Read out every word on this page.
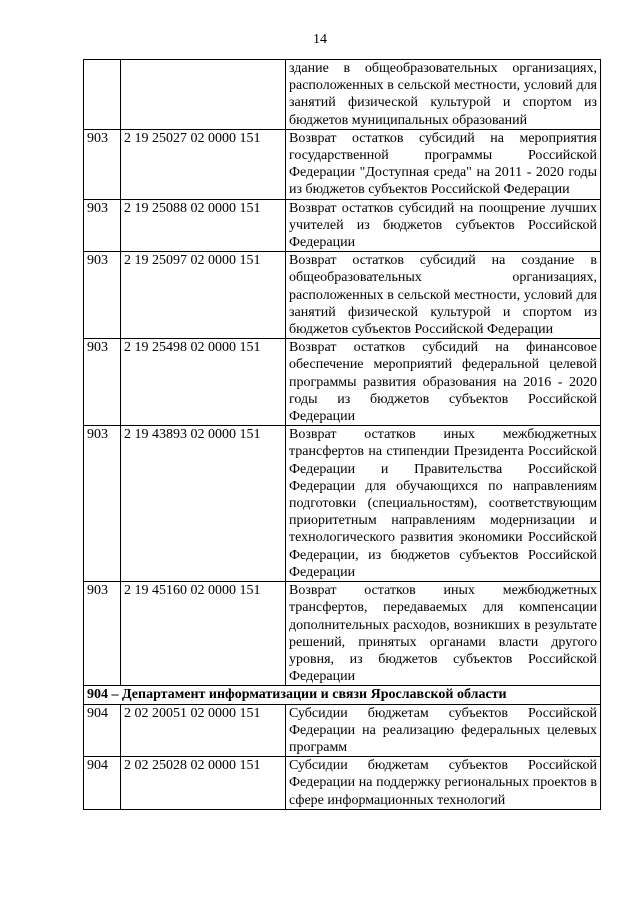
14
		здание в общеобразовательных организациях, расположенных в сельской местности, условий для занятий физической культурой и спортом из бюджетов муниципальных образований
903	2 19 25027 02 0000 151	Возврат остатков субсидий на мероприятия государственной программы Российской Федерации "Доступная среда" на 2011 - 2020 годы из бюджетов субъектов Российской Федерации
903	2 19 25088 02 0000 151	Возврат остатков субсидий на поощрение лучших учителей из бюджетов субъектов Российской Федерации
903	2 19 25097 02 0000 151	Возврат остатков субсидий на создание в общеобразовательных организациях, расположенных в сельской местности, условий для занятий физической культурой и спортом из бюджетов субъектов Российской Федерации
903	2 19 25498 02 0000 151	Возврат остатков субсидий на финансовое обеспечение мероприятий федеральной целевой программы развития образования на 2016 - 2020 годы из бюджетов субъектов Российской Федерации
903	2 19 43893 02 0000 151	Возврат остатков иных межбюджетных трансфертов на стипендии Президента Российской Федерации и Правительства Российской Федерации для обучающихся по направлениям подготовки (специальностям), соответствующим приоритетным направлениям модернизации и технологического развития экономики Российской Федерации, из бюджетов субъектов Российской Федерации
903	2 19 45160 02 0000 151	Возврат остатков иных межбюджетных трансфертов, передаваемых для компенсации дополнительных расходов, возникших в результате решений, принятых органами власти другого уровня, из бюджетов субъектов Российской Федерации
904 – Департамент информатизации и связи Ярославской области		
904	2 02 20051 02 0000 151	Субсидии бюджетам субъектов Российской Федерации на реализацию федеральных целевых программ
904	2 02 25028 02 0000 151	Субсидии бюджетам субъектов Российской Федерации на поддержку региональных проектов в сфере информационных технологий
